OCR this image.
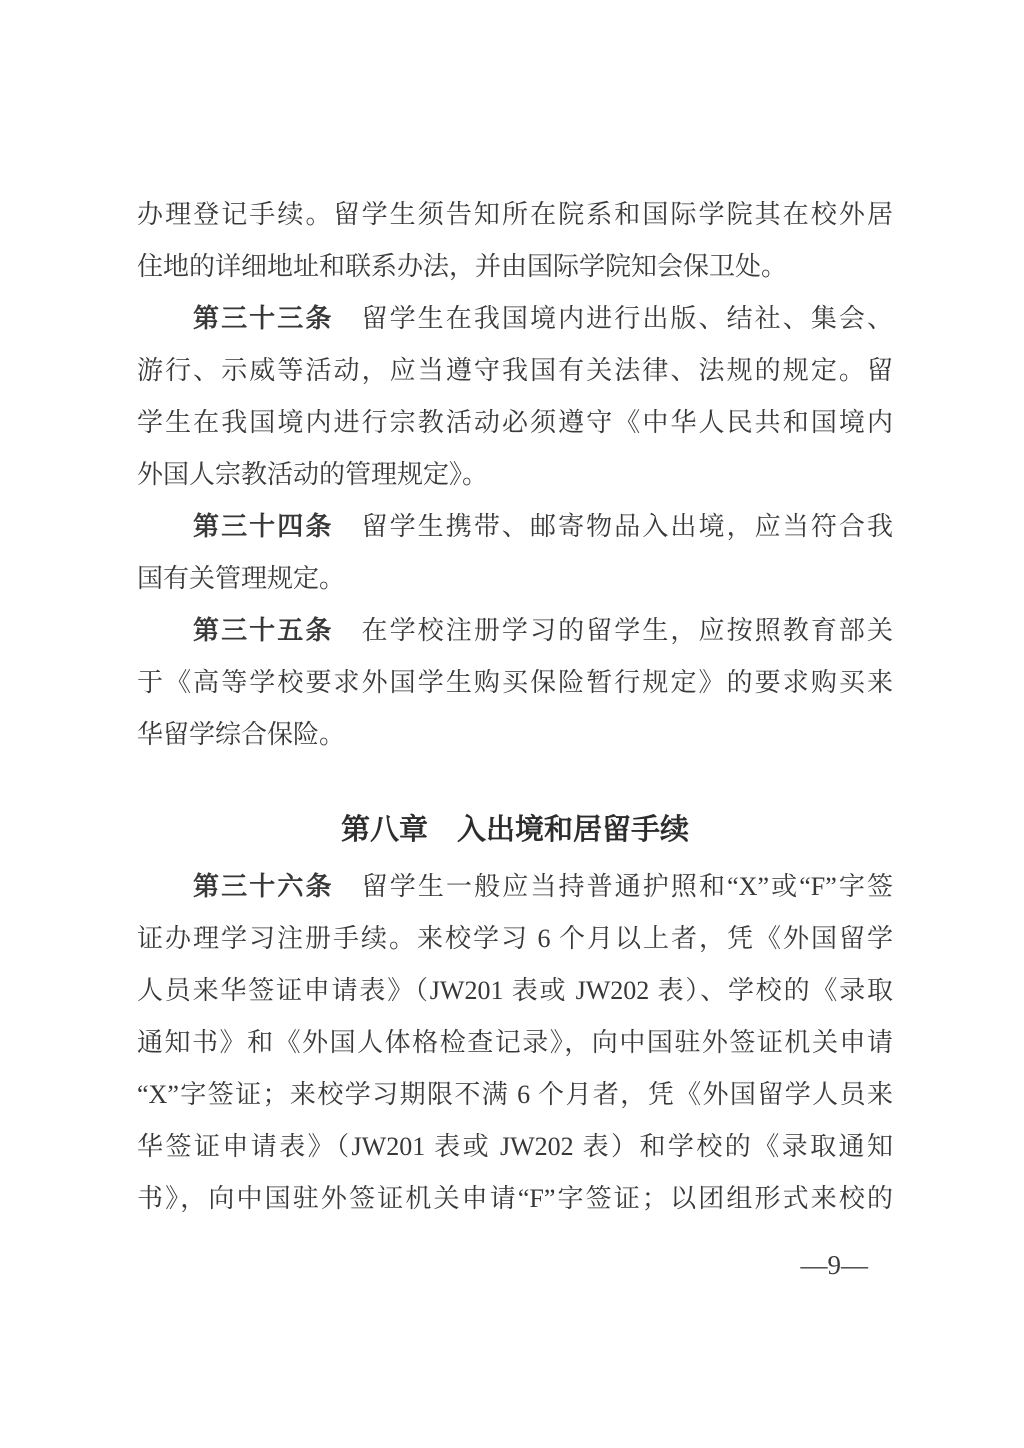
办理登记手续。留学生须告知所在院系和国际学院其在校外居
住地的详细地址和联系办法，并由国际学院知会保卫处。
第三十三条　留学生在我国境内进行出版、结社、集会、
游行、示威等活动，应当遵守我国有关法律、法规的规定。留
学生在我国境内进行宗教活动必须遵守《中华人民共和国境内
外国人宗教活动的管理规定》。
第三十四条　留学生携带、邮寄物品入出境，应当符合我
国有关管理规定。
第三十五条　在学校注册学习的留学生，应按照教育部关
于《高等学校要求外国学生购买保险暂行规定》的要求购买来
华留学综合保险。
第八章　入出境和居留手续
第三十六条　留学生一般应当持普通护照和“X”或“F”字签
证办理学习注册手续。来校学习 6 个月以上者，凭《外国留学
人员来华签证申请表》（JW201 表或 JW202 表）、学校的《录取
通知书》和《外国人体格检查记录》，向中国驻外签证机关申请
“X”字签证；来校学习期限不满 6 个月者，凭《外国留学人员来
华签证申请表》（JW201 表或 JW202 表）和学校的《录取通知
书》，向中国驻外签证机关申请“F”字签证；以团组形式来校的
—9—
